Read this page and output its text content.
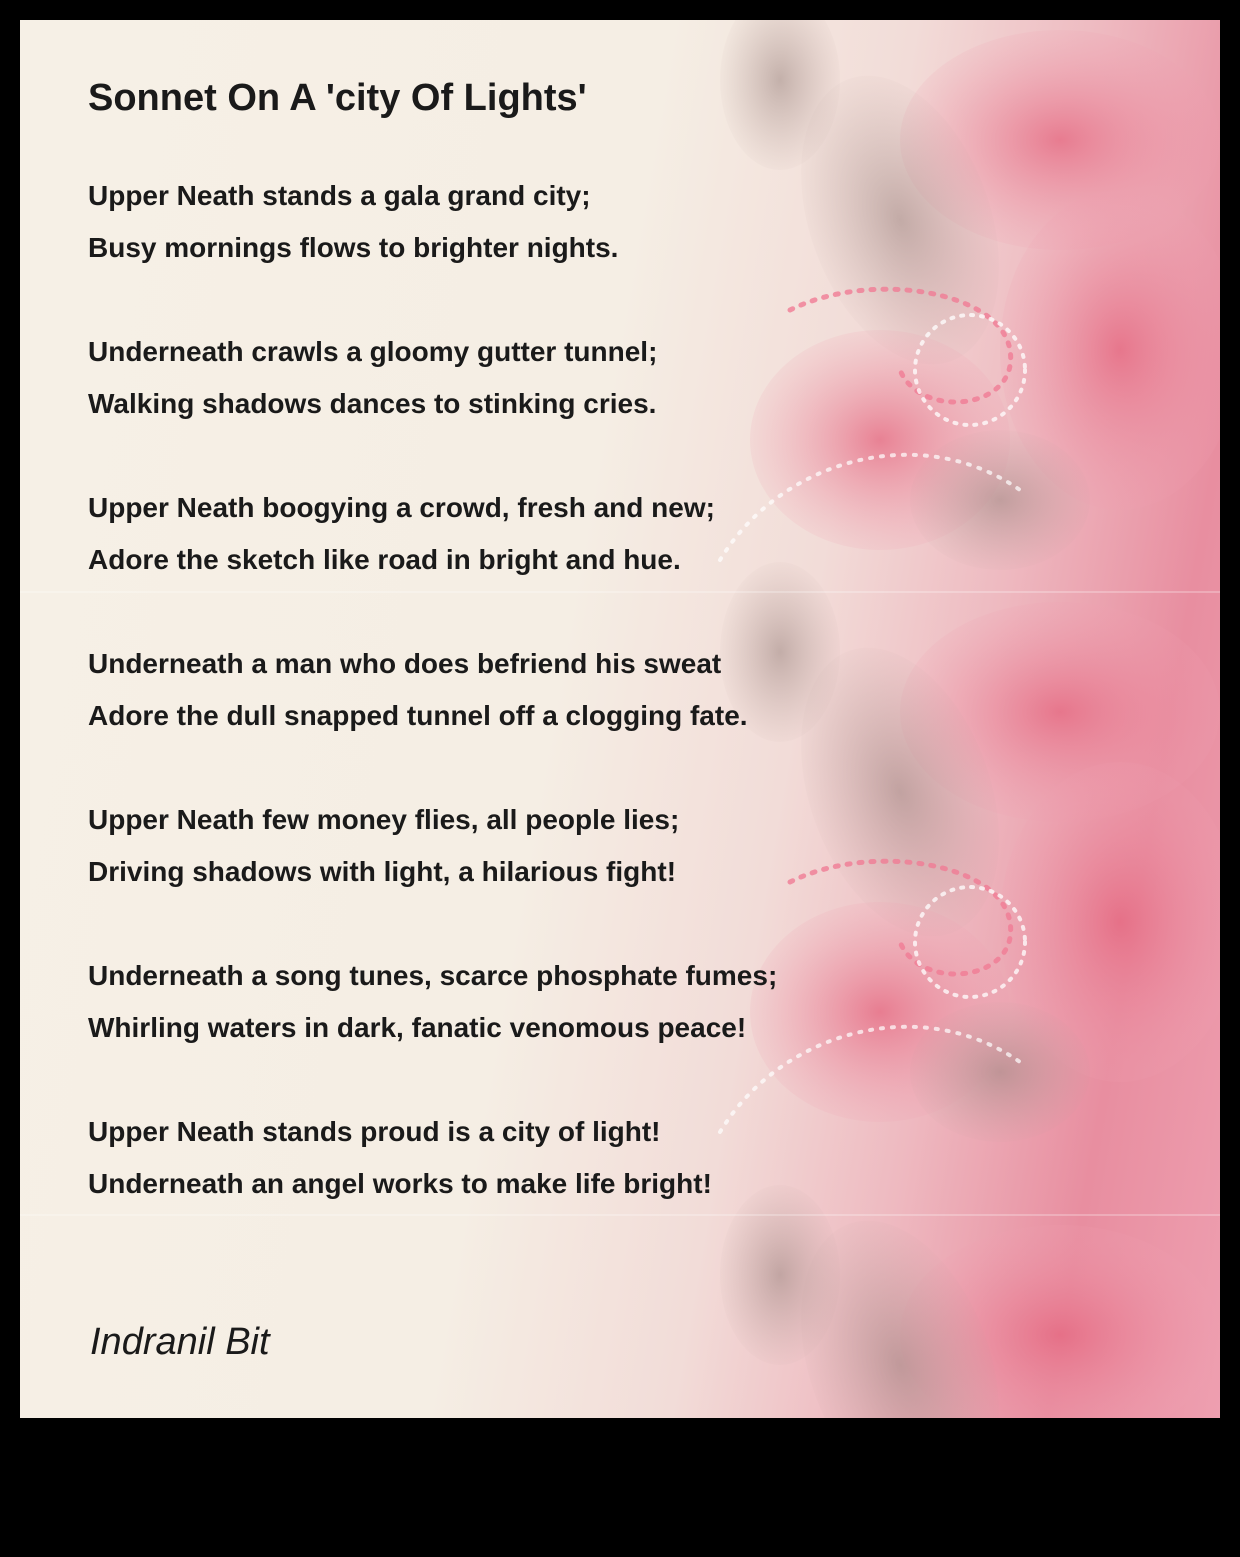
Sonnet On A 'city Of Lights'
Upper Neath stands a gala grand city;
Busy mornings flows to brighter nights.
Underneath crawls a gloomy gutter tunnel;
Walking shadows dances to stinking cries.
Upper Neath boogying a crowd, fresh and new;
Adore the sketch like road in bright and hue.
Underneath a man who does befriend his sweat
Adore the dull snapped tunnel off a clogging fate.
Upper Neath few money flies, all people lies;
Driving shadows with light, a hilarious fight!
Underneath a song tunes, scarce phosphate fumes;
Whirling waters in dark, fanatic venomous peace!
Upper Neath stands proud is a city of light!
Underneath an angel works to make life bright!
Indranil Bit
